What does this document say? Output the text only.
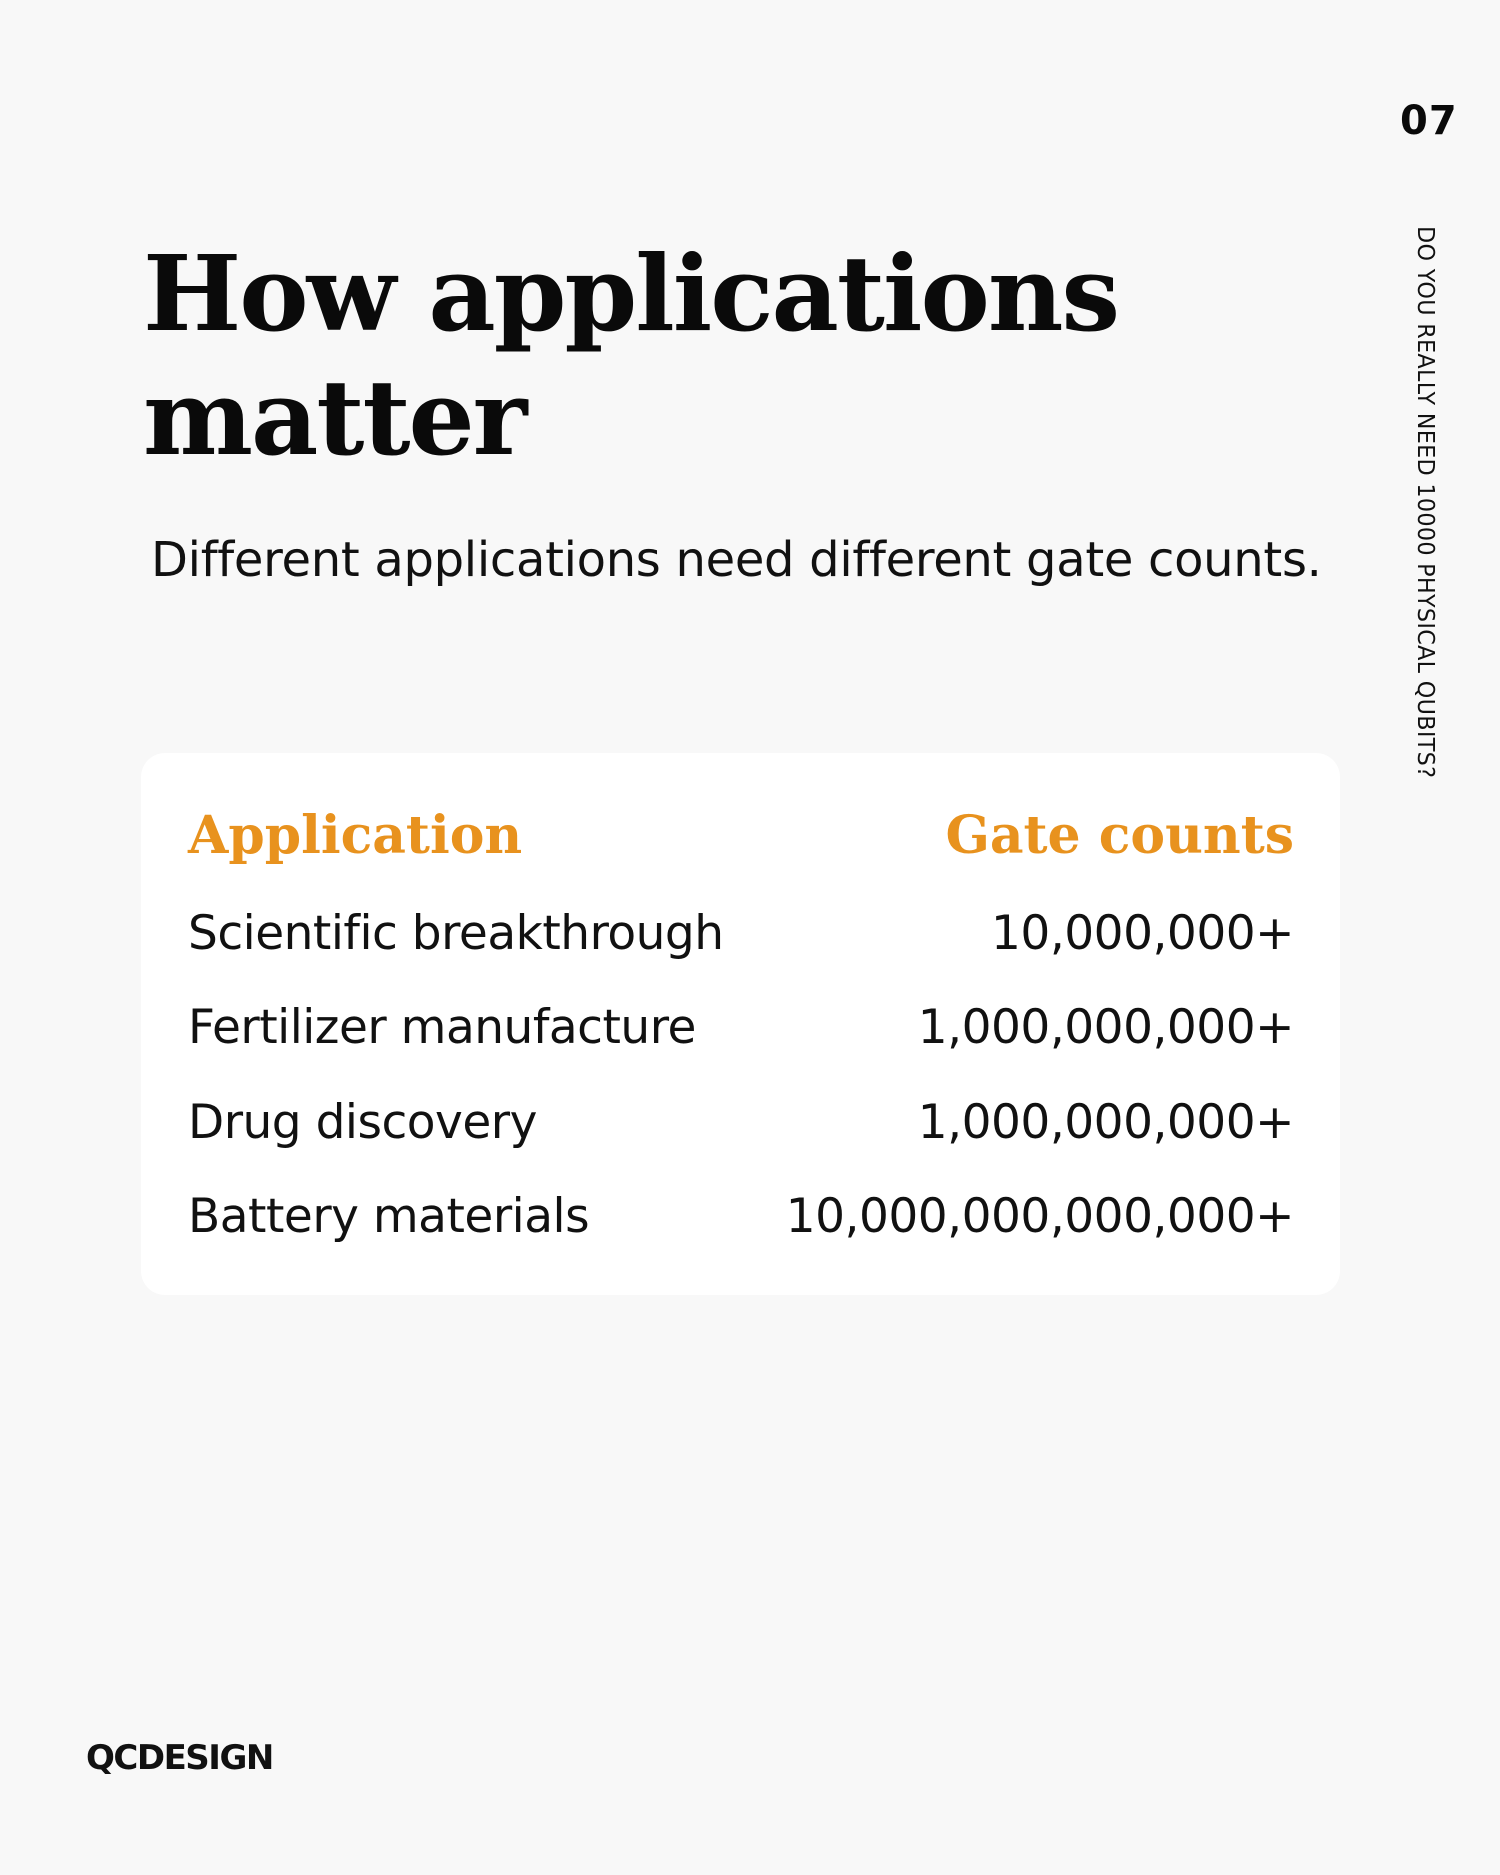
07
DO YOU REALLY NEED 10000 PHYSICAL QUBITS?
How applications
matter
Different applications need different gate counts.
Application	Gate counts
Scientific breakthrough	10,000,000+
Fertilizer manufacture	1,000,000,000+
Drug discovery	1,000,000,000+
Battery materials	10,000,000,000,000+
QCDESIGN
